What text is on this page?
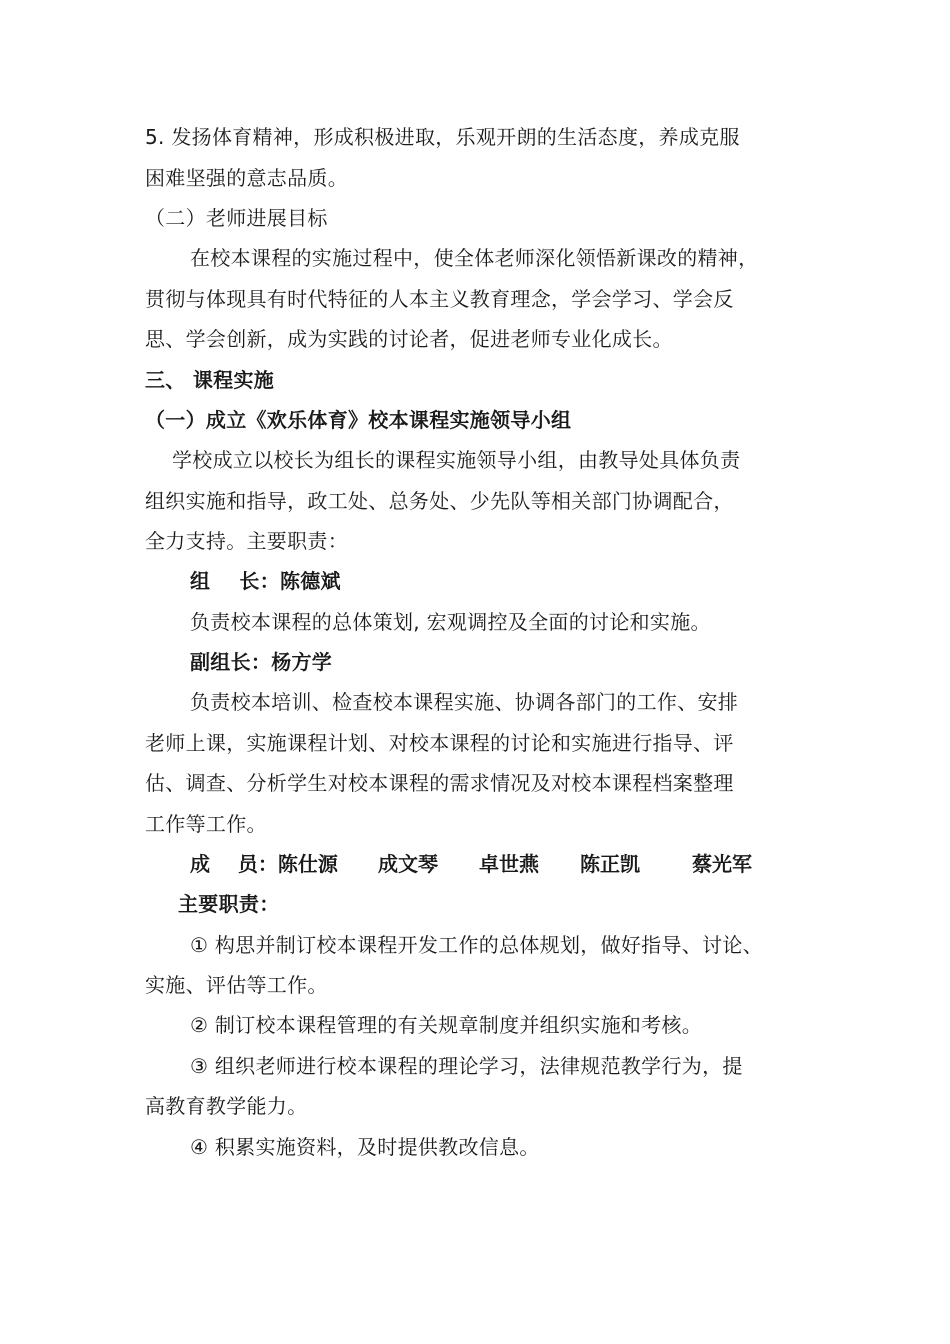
5. 发扬体育精神，形成积极进取，乐观开朗的生活态度，养成克服
困难坚强的意志品质。
（二）老师进展目标
在校本课程的实施过程中，使全体老师深化领悟新课改的精神，
贯彻与体现具有时代特征的人本主义教育理念，学会学习、学会反
思、学会创新，成为实践的讨论者，促进老师专业化成长。
三、 课程实施
（一）成立《欢乐体育》校本课程实施领导小组
学校成立以校长为组长的课程实施领导小组，由教导处具体负责
组织实施和指导，政工处、总务处、少先队等相关部门协调配合，
全力支持。主要职责：
组    长：陈德斌
负责校本课程的总体策划, 宏观调控及全面的讨论和实施。
副组长：杨方学
负责校本培训、检查校本课程实施、协调各部门的工作、安排
老师上课，实施课程计划、对校本课程的讨论和实施进行指导、评
估、调查、分析学生对校本课程的需求情况及对校本课程档案整理
工作等工作。
成    员：陈仕源 成文琴 卓世燕 陈正凯	蔡光军
主要职责：
① 构思并制订校本课程开发工作的总体规划，做好指导、讨论、
实施、评估等工作。
② 制订校本课程管理的有关规章制度并组织实施和考核。
③ 组织老师进行校本课程的理论学习，法律规范教学行为，提
高教育教学能力。
④ 积累实施资料，及时提供教改信息。
